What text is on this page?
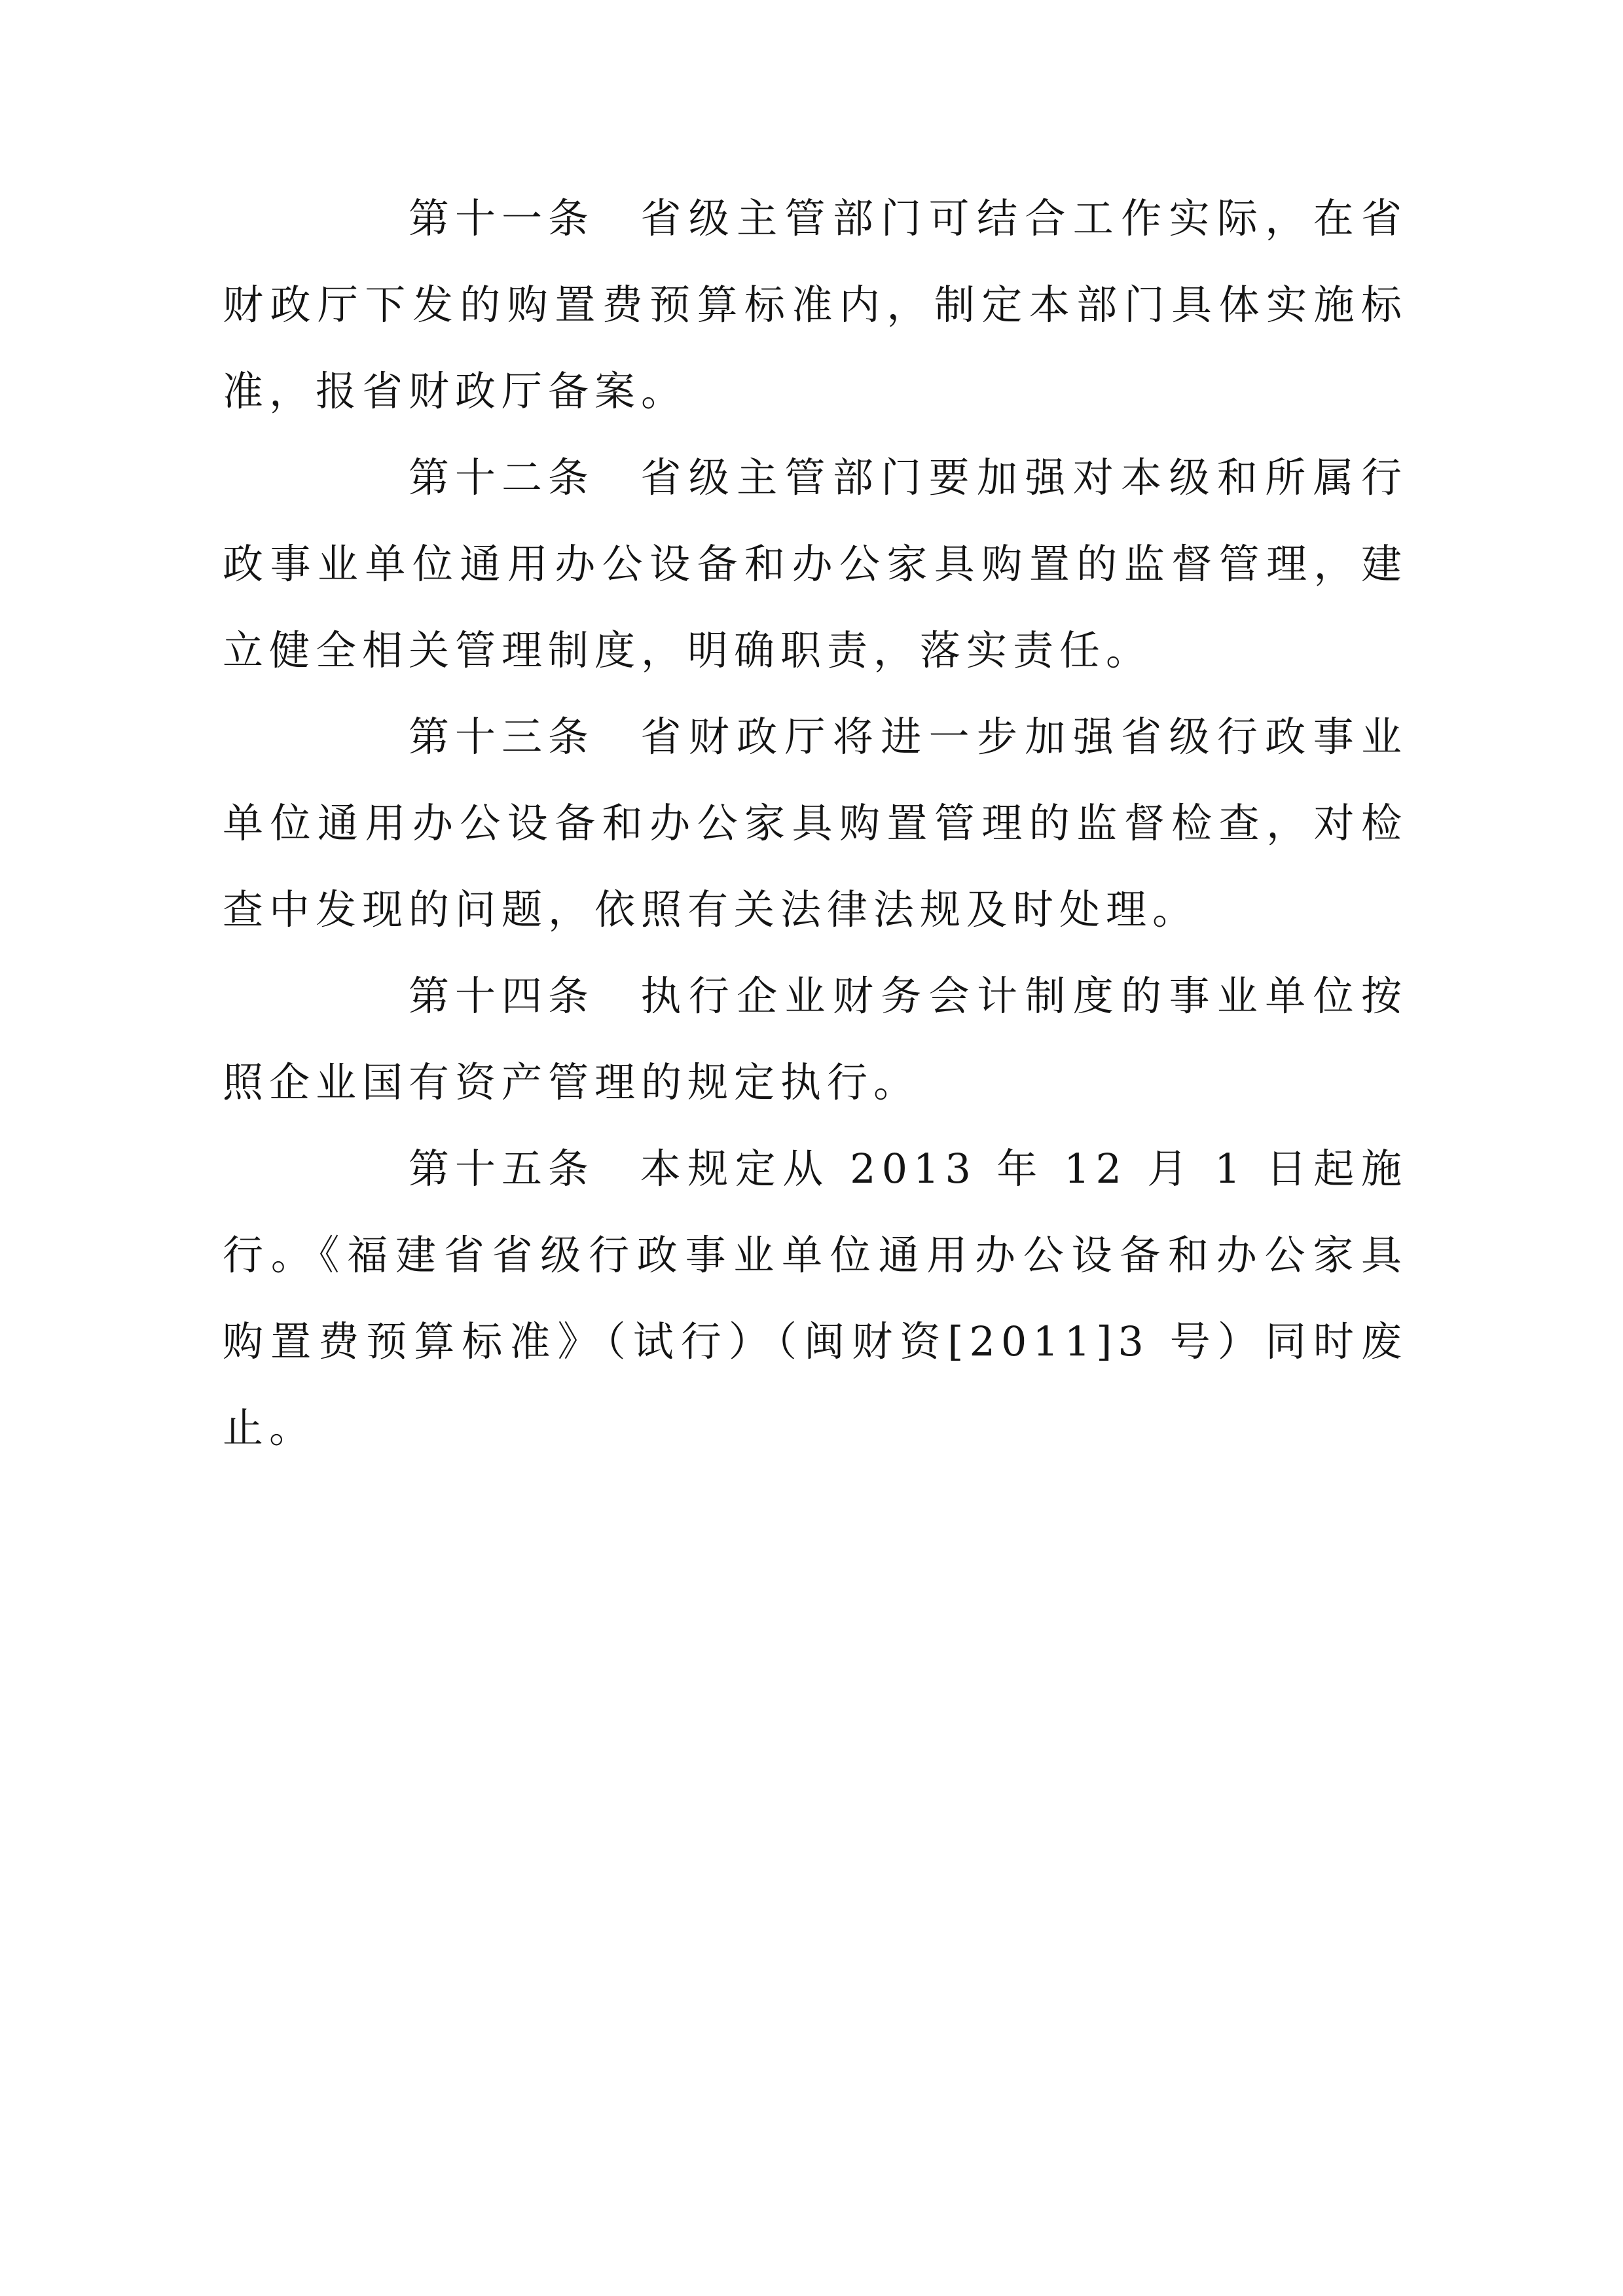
第十一条 省级主管部门可结合工作实际，在省财政厅下发的购置费预算标准内，制定本部门具体实施标准，报省财政厅备案。

第十二条 省级主管部门要加强对本级和所属行政事业单位通用办公设备和办公家具购置的监督管理，建立健全相关管理制度，明确职责，落实责任。

第十三条 省财政厅将进一步加强省级行政事业单位通用办公设备和办公家具购置管理的监督检查，对检查中发现的问题，依照有关法律法规及时处理。

第十四条 执行企业财务会计制度的事业单位按照企业国有资产管理的规定执行。

第十五条 本规定从 2013 年 12 月 1 日起施行。《福建省省级行政事业单位通用办公设备和办公家具购置费预算标准》（试行）（闽财资[2011]3 号）同时废止。
